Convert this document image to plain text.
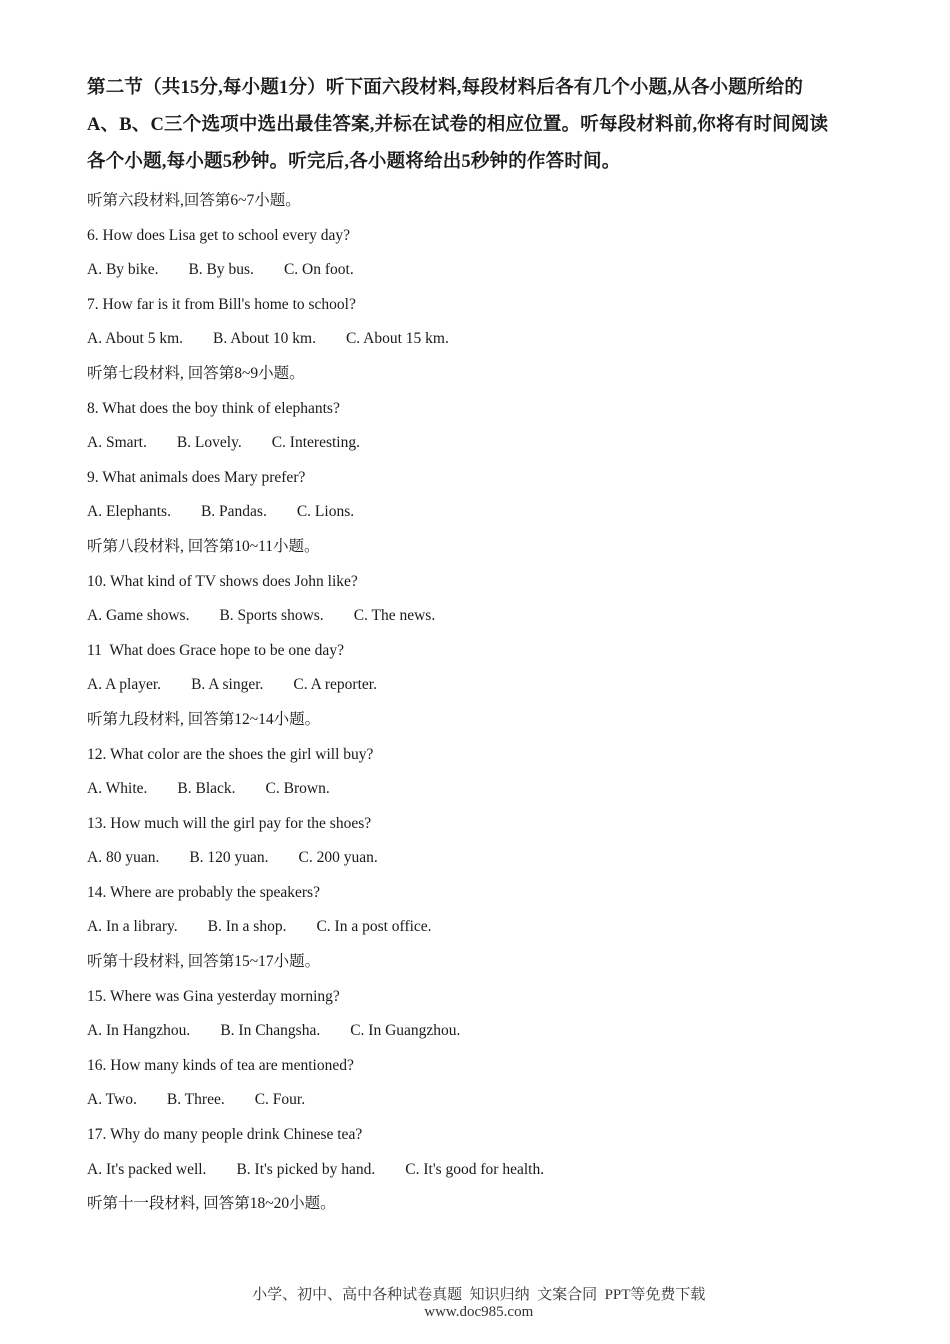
第二节（共15分,每小题1分）听下面六段材料,每段材料后各有几个小题,从各小题所给的
A、B、C三个选项中选出最佳答案,并标在试卷的相应位置。听每段材料前,你将有时间阅读
各个小题,每小题5秒钟。听完后,各小题将给出5秒钟的作答时间。
听第六段材料,回答第6~7小题。
6. How does Lisa get to school every day?
A. By bike. B. By bus. C. On foot.
7. How far is it from Bill's home to school?
A. About 5 km. B. About 10 km. C. About 15 km.
听第七段材料, 回答第8~9小题。
8. What does the boy think of elephants?
A. Smart. B. Lovely. C. Interesting.
9. What animals does Mary prefer?
A. Elephants. B. Pandas. C. Lions.
听第八段材料, 回答第10~11小题。
10. What kind of TV shows does John like?
A. Game shows. B. Sports shows. C. The news.
11  What does Grace hope to be one day?
A. A player. B. A singer. C. A reporter.
听第九段材料, 回答第12~14小题。
12. What color are the shoes the girl will buy?
A. White. B. Black. C. Brown.
13. How much will the girl pay for the shoes?
A. 80 yuan. B. 120 yuan. C. 200 yuan.
14. Where are probably the speakers?
A. In a library. B. In a shop. C. In a post office.
听第十段材料, 回答第15~17小题。
15. Where was Gina yesterday morning?
A. In Hangzhou. B. In Changsha. C. In Guangzhou.
16. How many kinds of tea are mentioned?
A. Two. B. Three. C. Four.
17. Why do many people drink Chinese tea?
A. It's packed well. B. It's picked by hand. C. It's good for health.
听第十一段材料, 回答第18~20小题。

小学、初中、高中各种试卷真题  知识归纳  文案合同  PPT等免费下载
www.doc985.com
